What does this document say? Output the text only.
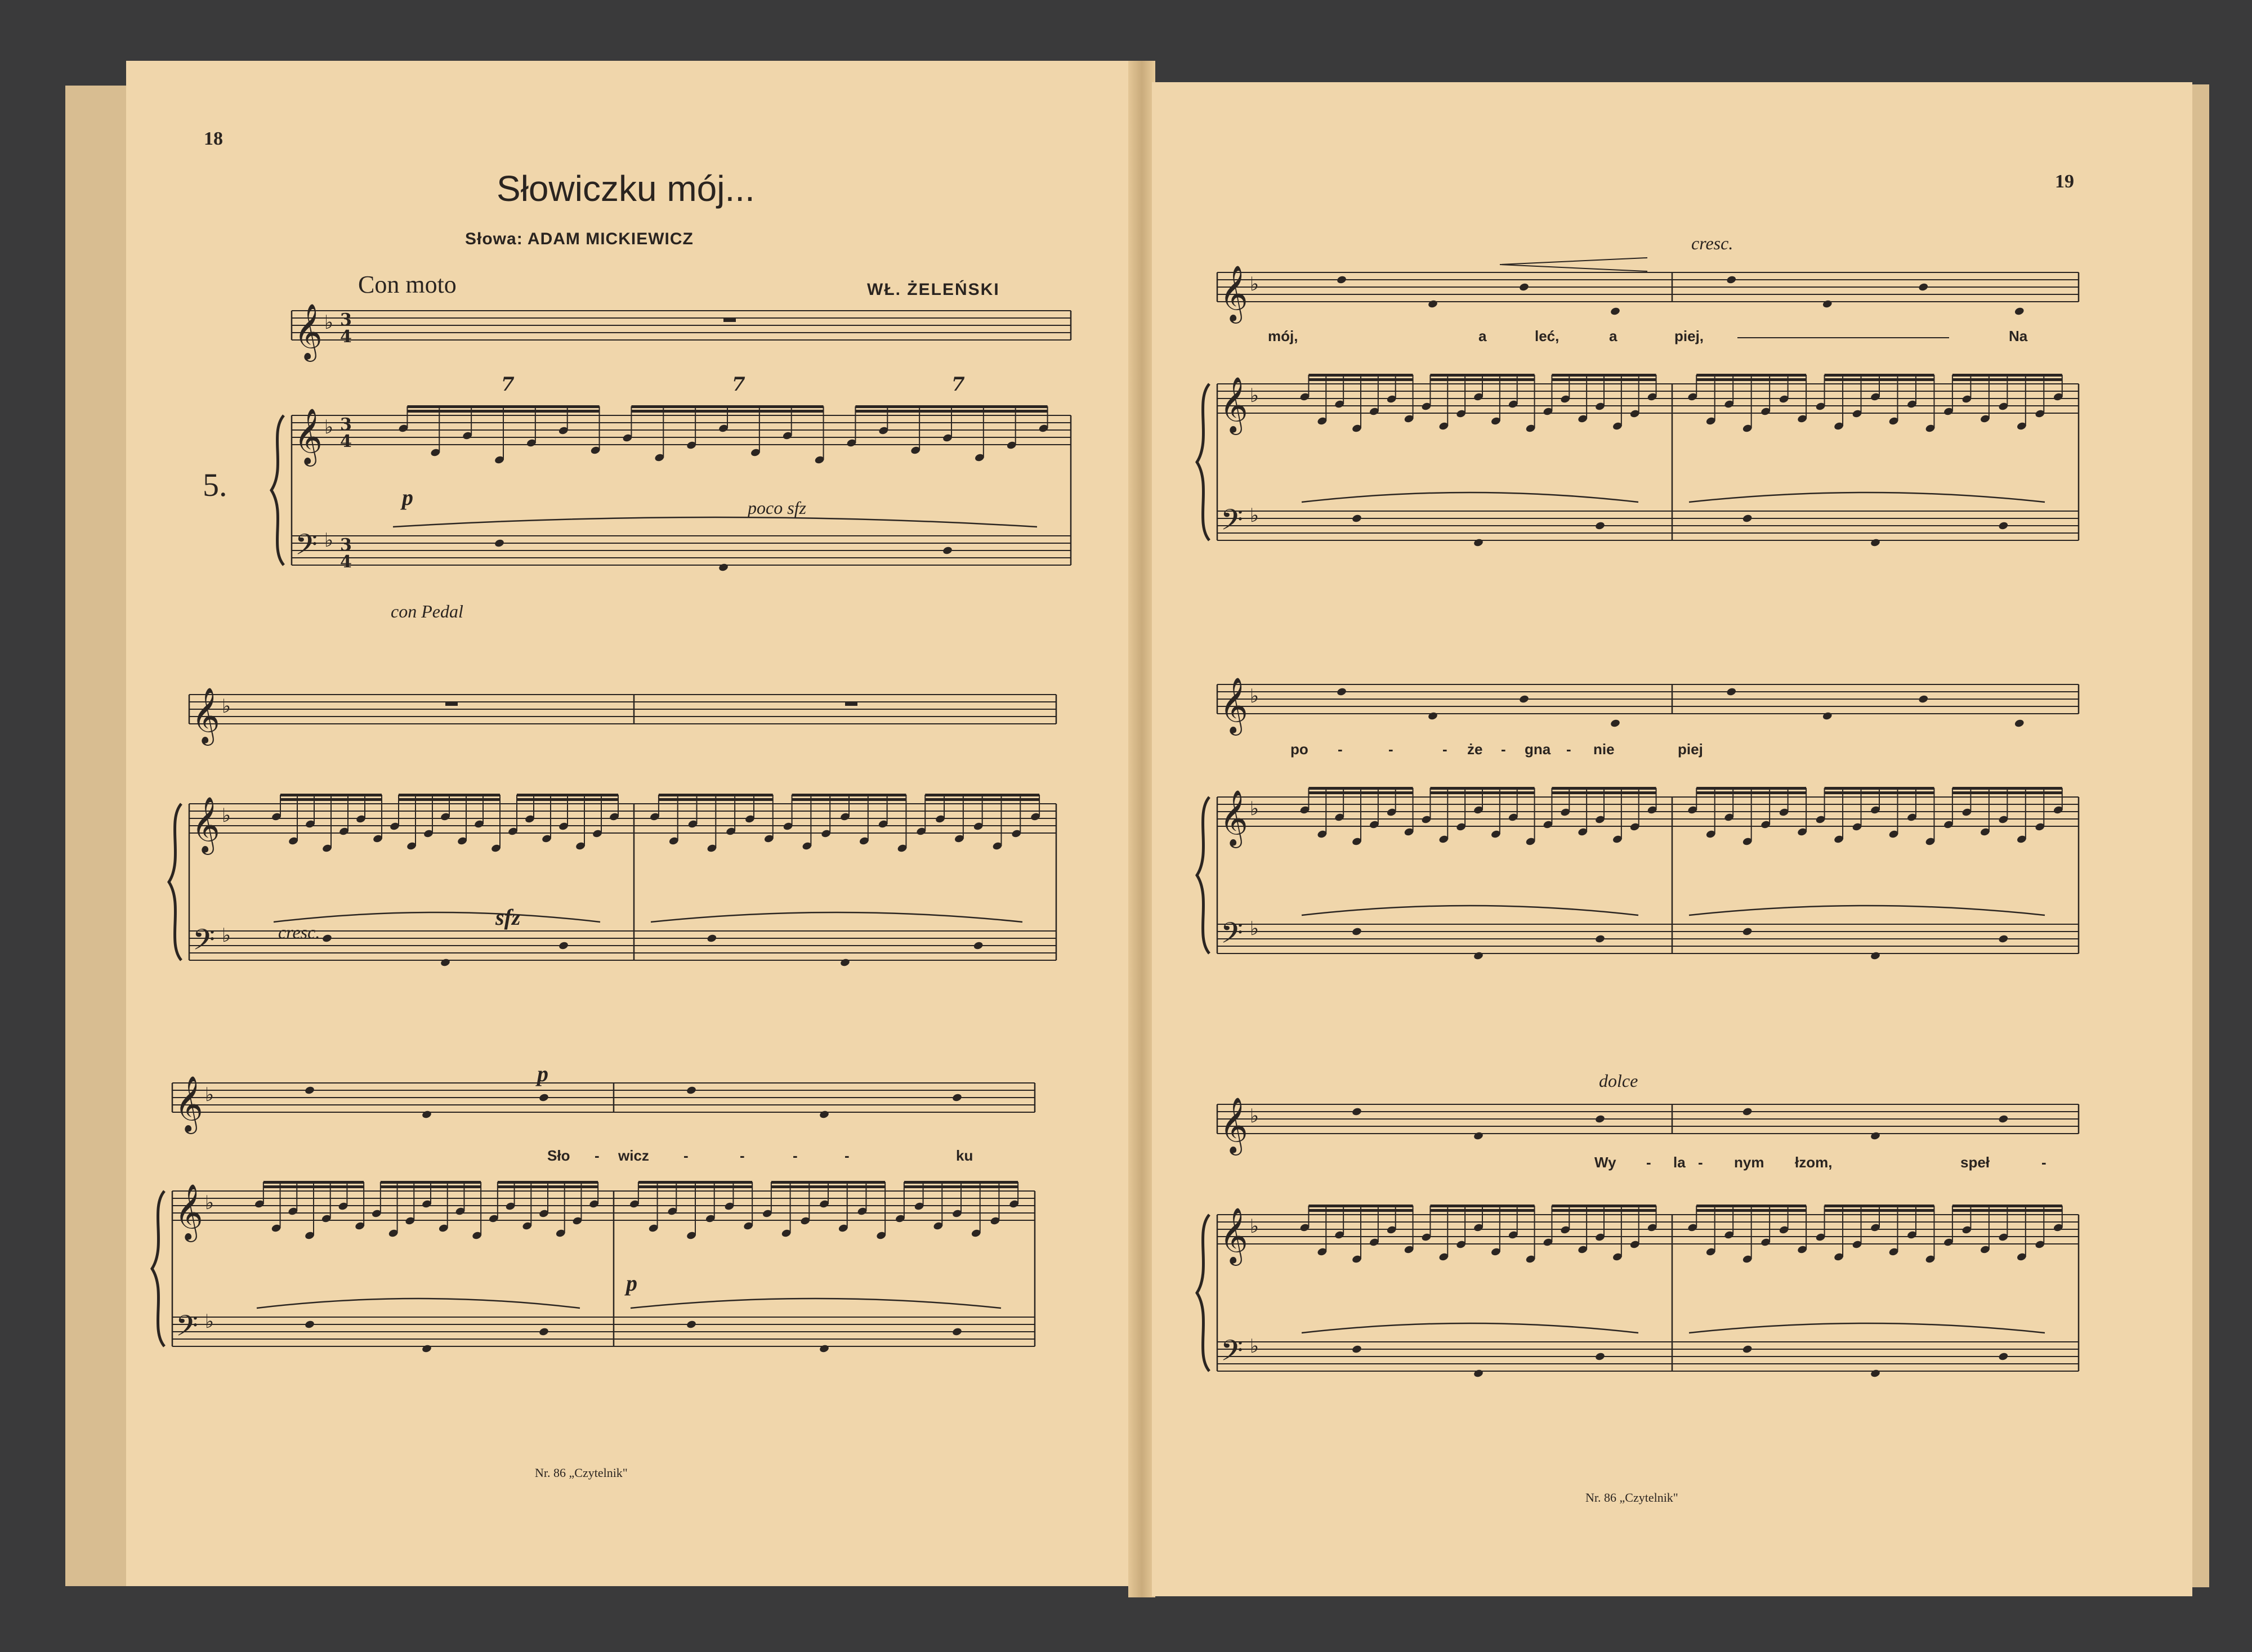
18
Słowiczku mój...
Słowa: ADAM MICKIEWICZ
Con moto	WŁ. ŻELEŃSKI
5.	p	poco sfz
con Pedal
cresc.
sfz
p
p
Sło - wicz -	-	-	-	ku
Nr. 86 „Czytelnik"
19
cresc.
dolce
mój,	a	leć,	a	piej,	Na
po -	-	- że - gna - nie	piej
Wy - la - nym łzom,	speł	-
Nr. 86 „Czytelnik"
𝄞 ♭ 3
4
𝄞 ♭ 3
4
𝄢 ♭ 3
4
7	7	7
𝄞 ♭
𝄞 ♭
𝄢 ♭
𝄞 ♭
𝄞 ♭
𝄢 ♭
𝄞 ♭
𝄞 ♭
𝄢 ♭
𝄞 ♭
𝄞 ♭
𝄢 ♭
𝄞 ♭
𝄞 ♭
𝄢 ♭
